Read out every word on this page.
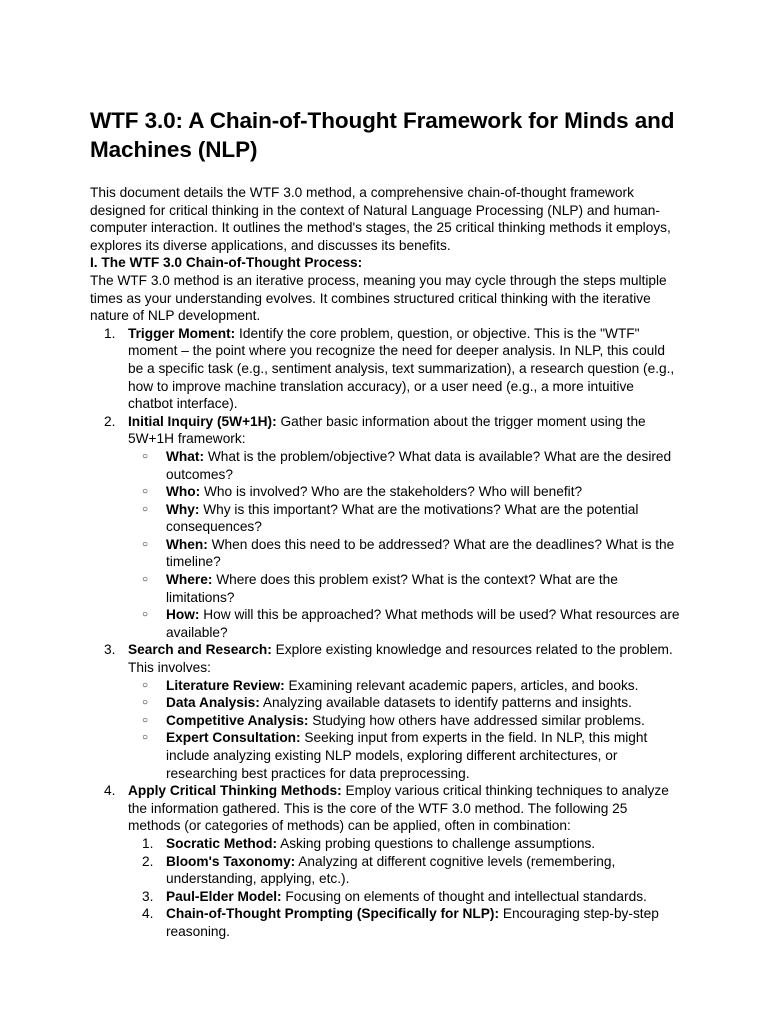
WTF 3.0: A Chain-of-Thought Framework for Minds and Machines (NLP)

This document details the WTF 3.0 method, a comprehensive chain-of-thought framework designed for critical thinking in the context of Natural Language Processing (NLP) and human-computer interaction. It outlines the method's stages, the 25 critical thinking methods it employs, explores its diverse applications, and discusses its benefits.

I. The WTF 3.0 Chain-of-Thought Process:

The WTF 3.0 method is an iterative process, meaning you may cycle through the steps multiple times as your understanding evolves. It combines structured critical thinking with the iterative nature of NLP development.

1. Trigger Moment: Identify the core problem, question, or objective. This is the "WTF" moment – the point where you recognize the need for deeper analysis. In NLP, this could be a specific task (e.g., sentiment analysis, text summarization), a research question (e.g., how to improve machine translation accuracy), or a user need (e.g., a more intuitive chatbot interface).
2. Initial Inquiry (5W+1H): Gather basic information about the trigger moment using the 5W+1H framework:
○ What: What is the problem/objective? What data is available? What are the desired outcomes?
○ Who: Who is involved? Who are the stakeholders? Who will benefit?
○ Why: Why is this important? What are the motivations? What are the potential consequences?
○ When: When does this need to be addressed? What are the deadlines? What is the timeline?
○ Where: Where does this problem exist? What is the context? What are the limitations?
○ How: How will this be approached? What methods will be used? What resources are available?
3. Search and Research: Explore existing knowledge and resources related to the problem. This involves:
○ Literature Review: Examining relevant academic papers, articles, and books.
○ Data Analysis: Analyzing available datasets to identify patterns and insights.
○ Competitive Analysis: Studying how others have addressed similar problems.
○ Expert Consultation: Seeking input from experts in the field. In NLP, this might include analyzing existing NLP models, exploring different architectures, or researching best practices for data preprocessing.
4. Apply Critical Thinking Methods: Employ various critical thinking techniques to analyze the information gathered. This is the core of the WTF 3.0 method. The following 25 methods (or categories of methods) can be applied, often in combination:
1. Socratic Method: Asking probing questions to challenge assumptions.
2. Bloom's Taxonomy: Analyzing at different cognitive levels (remembering, understanding, applying, etc.).
3. Paul-Elder Model: Focusing on elements of thought and intellectual standards.
4. Chain-of-Thought Prompting (Specifically for NLP): Encouraging step-by-step reasoning.
